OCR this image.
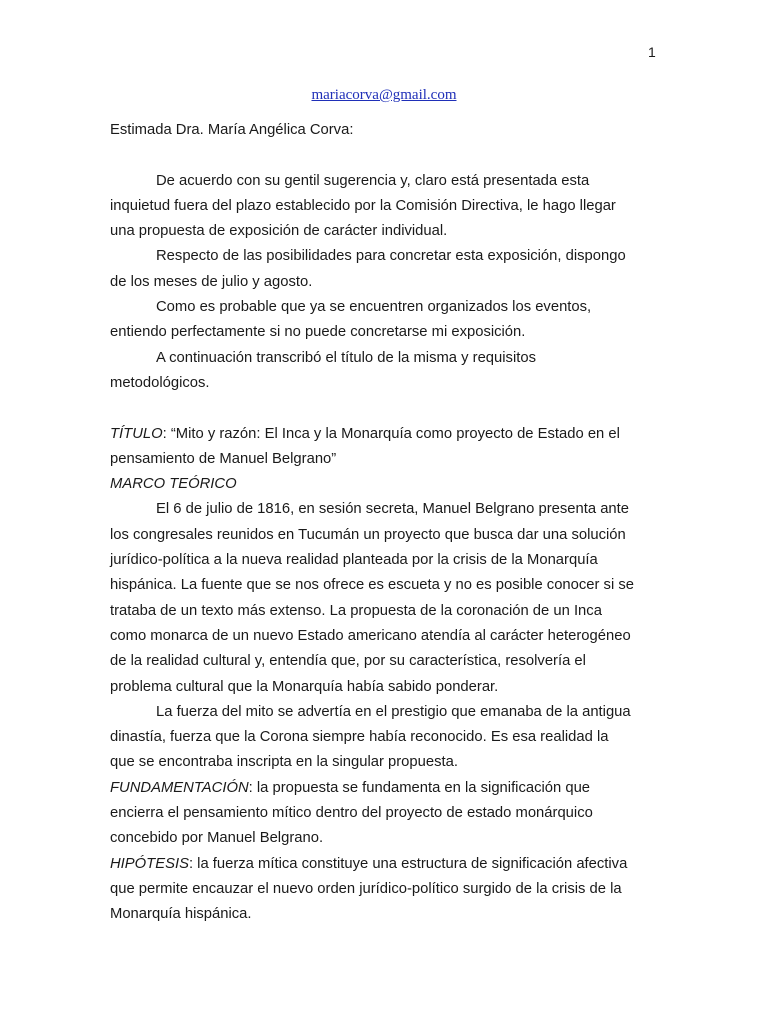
1
mariacorva@gmail.com

Estimada Dra. María Angélica Corva:

De acuerdo con su gentil sugerencia y, claro está presentada esta

inquietud fuera del plazo establecido por la Comisión Directiva, le hago llegar

una propuesta de exposición de carácter individual.

Respecto de las posibilidades para concretar esta exposición, dispongo

de los meses de julio y agosto.

Como es probable que ya se encuentren organizados los eventos,

entiendo perfectamente si no puede concretarse mi exposición.

A continuación transcribó el título de la misma y requisitos

metodológicos.

TÍTULO: “Mito y razón: El Inca y la Monarquía como proyecto de Estado en el

pensamiento de Manuel Belgrano”

MARCO TEÓRICO

El 6 de julio de 1816, en sesión secreta, Manuel Belgrano presenta ante

los congresales reunidos en Tucumán un proyecto que busca dar una solución

jurídico-política a la nueva realidad planteada por la crisis de la Monarquía

hispánica. La fuente que se nos ofrece es escueta y no es posible conocer si se

trataba de un texto más extenso. La propuesta de la coronación de un Inca

como monarca de un nuevo Estado americano atendía al carácter heterogéneo

de la realidad cultural y, entendía que, por su característica, resolvería el

problema cultural que la Monarquía había sabido ponderar.

La fuerza del mito se advertía en el prestigio que emanaba de la antigua

dinastía, fuerza que la Corona siempre había reconocido. Es esa realidad la

que se encontraba inscripta en la singular propuesta.

FUNDAMENTACIÓN: la propuesta se fundamenta en la significación que

encierra el pensamiento mítico dentro del proyecto de estado monárquico

concebido por Manuel Belgrano.

HIPÓTESIS: la fuerza mítica constituye una estructura de significación afectiva

que permite encauzar el nuevo orden jurídico-político surgido de la crisis de la

Monarquía hispánica.
